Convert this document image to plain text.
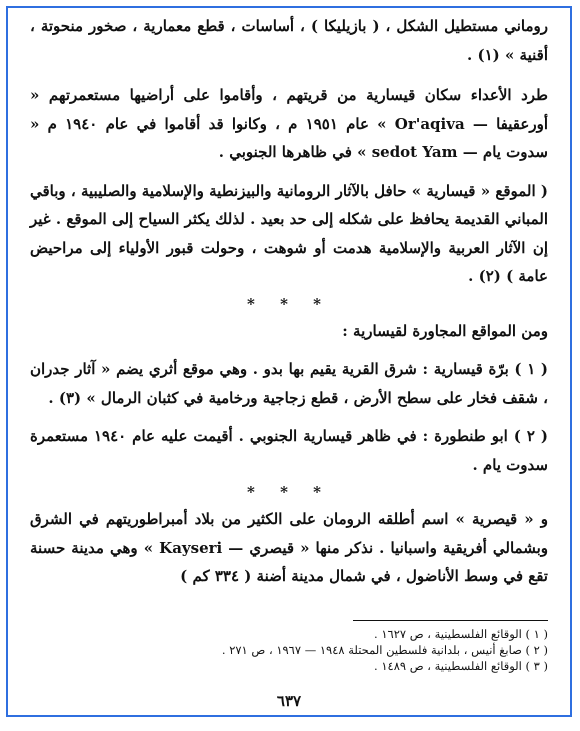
روماني مستطيل الشكل ، ( بازيليكا ) ، أساسات ، قطع معمارية ، صخور منحوتة ، أقنية » (١) .

طرد الأعداء سكان قيسارية من قريتهم ، وأقاموا على أراضيها مستعمرتهم « أورعقيفا — Or'aqiva » عام ١٩٥١ م ، وكانوا قد أقاموا في عام ١٩٤٠ م « سدوت يام — sedot Yam » في ظاهرها الجنوبي .

( الموقع « قيسارية » حافل بالآثار الرومانية والبيزنطية والإسلامية والصليبية ، وباقي المباني القديمة يحافظ على شكله إلى حد بعيد . لذلك يكثر السياح إلى الموقع . غير إن الآثار العربية والإسلامية هدمت أو شوهت ، وحولت قبور الأولياء إلى مراحيض عامة ) (٢) .

* * *

ومن المواقع المجاورة لقيسارية :

( ١ ) برّة قيسارية : شرق القرية يقيم بها بدو . وهي موقع أثري يضم « آثار جدران ، شقف فخار على سطح الأرض ، قطع زجاجية ورخامية في كثبان الرمال » (٣) .

( ٢ ) ابو طنطورة : في ظاهر قيسارية الجنوبي . أقيمت عليه عام ١٩٤٠ مستعمرة سدوت يام .

* * *

و « قيصرية » اسم أطلقه الرومان على الكثير من بلاد أمبراطوريتهم في الشرق وبشمالي أفريقية واسبانيا . نذكر منها « قيصري — Kayseri » وهي مدينة حسنة تقع في وسط الأناضول ، في شمال مدينة أضنة ( ٣٣٤ كم )

( ١ ) الوقائع الفلسطينية ، ص ١٦٢٧ .
( ٢ ) صابغ أنيس ، بلدانية فلسطين المحتلة ١٩٤٨ — ١٩٦٧ ، ص ٢٧١ .
( ٣ ) الوقائع الفلسطينية ، ص ١٤٨٩ .
٦٣٧
